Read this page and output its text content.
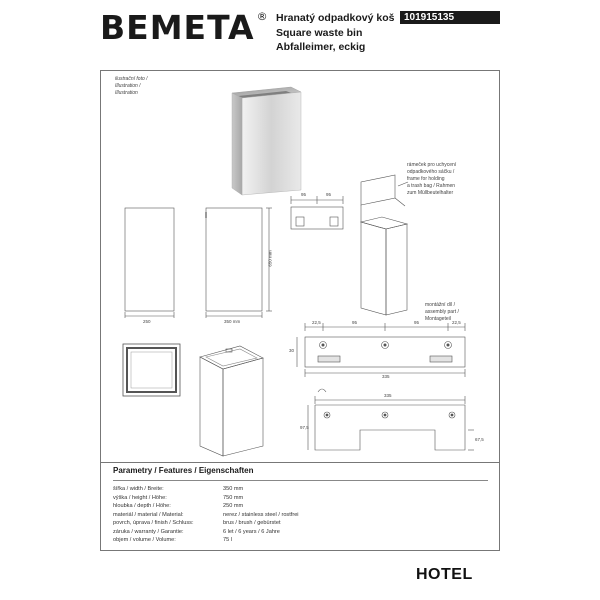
BEMETA ® Hranatý odpadkový koš
Square waste bin
Abfalleimer, eckig
101915135
ilustrační foto /
Illustration /
Illustration
250	350 mm
650 mm
95	95
22,5	95	95	22,5
335
30
335
97,5
67,5
rámeček pro uchycení
odpadkového sáčku /
frame for holding
a trash bag / Rahmen
zum Müllbeutelhalter
montážní díl /
assembly part /
Montageteil
Parametry / Features / Eigenschaften
šířka / width / Breite:	350 mm
výška / height / Höhe:	750 mm
hloubka / depth / Höhe:	250 mm
materiál / material / Material:	nerez / stainless steel / rostfrei
povrch, úprava / finish / Schluss:	brus / brush / gebürstet
záruka / warranty / Garantie:	6 let / 6 years / 6 Jahre
objem / volume / Volume:	75 l
HOTEL
